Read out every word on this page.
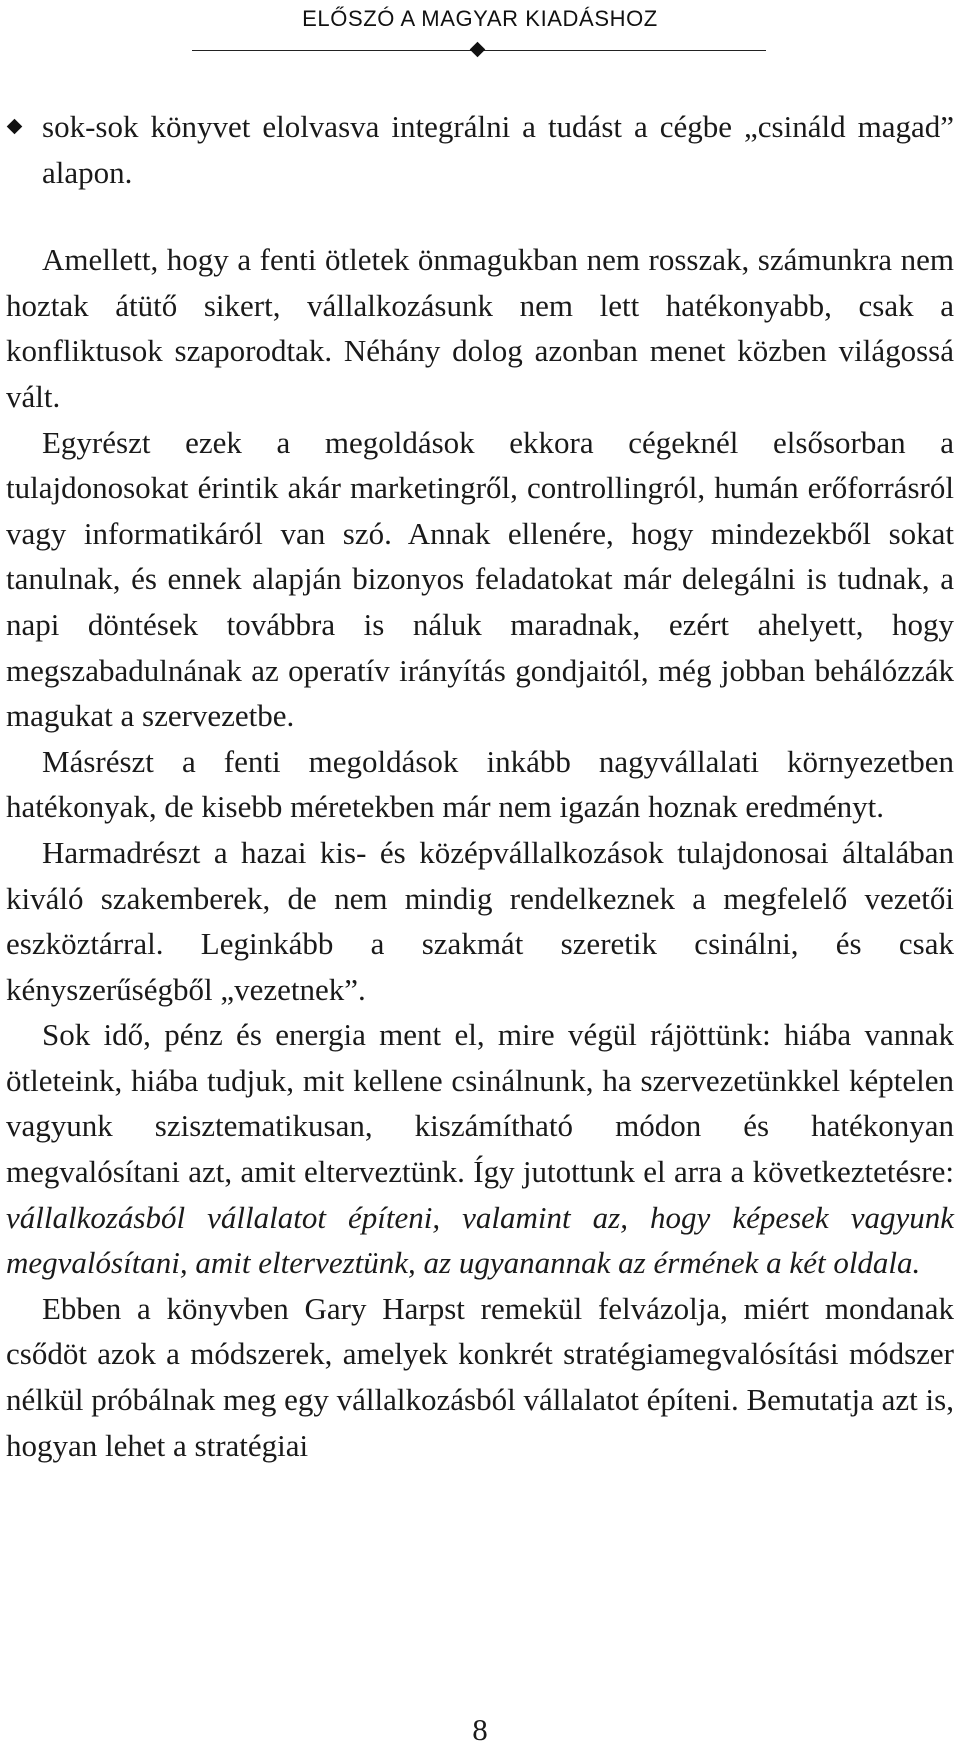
ELŐSZÓ A MAGYAR KIADÁSHOZ
sok-sok könyvet elolvasva integrálni a tudást a cégbe „csináld magad” alapon.

Amellett, hogy a fenti ötletek önmagukban nem rosszak, számunkra nem hoztak átütő sikert, vállalkozásunk nem lett hatékonyabb, csak a konfliktusok szaporodtak. Néhány dolog azonban menet közben világossá vált.

Egyrészt ezek a megoldások ekkora cégeknél elsősorban a tulajdonosokat érintik akár marketingről, controllingról, humán erőforrásról vagy informatikáról van szó. Annak ellenére, hogy mindezekből sokat tanulnak, és ennek alapján bizonyos feladatokat már delegálni is tudnak, a napi döntések továbbra is náluk maradnak, ezért ahelyett, hogy megszabadulnának az operatív irányítás gondjaitól, még jobban behálózzák magukat a szervezetbe.

Másrészt a fenti megoldások inkább nagyvállalati környezetben hatékonyak, de kisebb méretekben már nem igazán hoznak eredményt.

Harmadrészt a hazai kis- és középvállalkozások tulajdonosai általában kiváló szakemberek, de nem mindig rendelkeznek a megfelelő vezetői eszköztárral. Leginkább a szakmát szeretik csinálni, és csak kényszerűségből „vezetnek”.

Sok idő, pénz és energia ment el, mire végül rájöttünk: hiába vannak ötleteink, hiába tudjuk, mit kellene csinálnunk, ha szervezetünkkel képtelen vagyunk szisztematikusan, kiszámítható módon és hatékonyan megvalósítani azt, amit elterveztünk. Így jutottunk el arra a következtetésre: vállalkozásból vállalatot építeni, valamint az, hogy képesek vagyunk megvalósítani, amit elterveztünk, az ugyanannak az érmének a két oldala.

Ebben a könyvben Gary Harpst remekül felvázolja, miért mondanak csődöt azok a módszerek, amelyek konkrét stratégiamegvalósítási módszer nélkül próbálnak meg egy vállalkozásból vállalatot építeni. Bemutatja azt is, hogyan lehet a stratégiai

8
